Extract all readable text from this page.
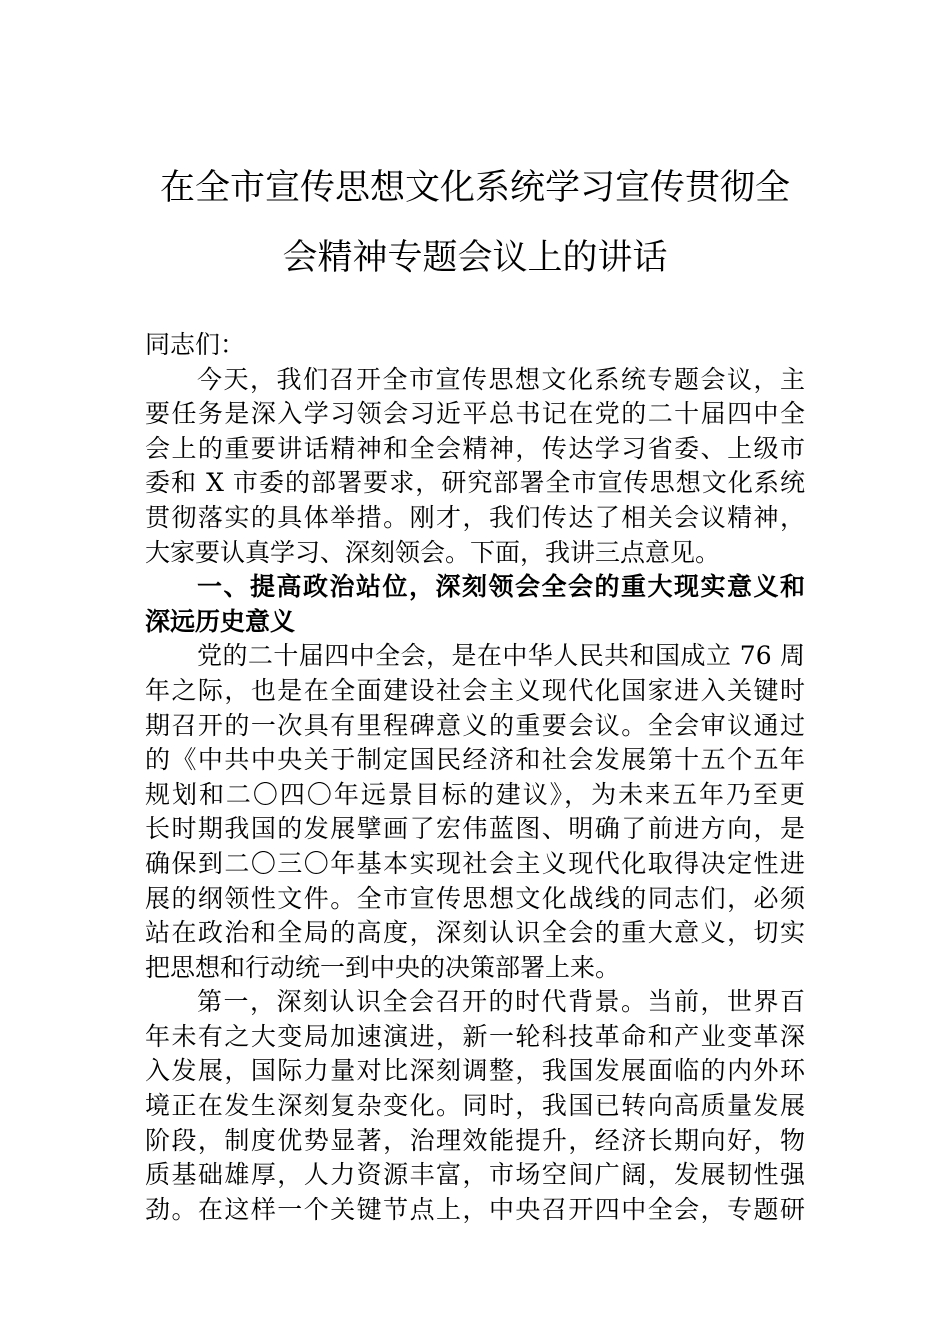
在全市宣传思想文化系统学习宣传贯彻全
会精神专题会议上的讲话
同志们：
今天，我们召开全市宣传思想文化系统专题会议，主
要任务是深入学习领会习近平总书记在党的二十届四中全
会上的重要讲话精神和全会精神，传达学习省委、上级市
委和 X 市委的部署要求，研究部署全市宣传思想文化系统
贯彻落实的具体举措。刚才，我们传达了相关会议精神，
大家要认真学习、深刻领会。下面，我讲三点意见。
一、提高政治站位，深刻领会全会的重大现实意义和
深远历史意义
党的二十届四中全会，是在中华人民共和国成立 76 周
年之际，也是在全面建设社会主义现代化国家进入关键时
期召开的一次具有里程碑意义的重要会议。全会审议通过
的《中共中央关于制定国民经济和社会发展第十五个五年
规划和二〇四〇年远景目标的建议》，为未来五年乃至更
长时期我国的发展擘画了宏伟蓝图、明确了前进方向，是
确保到二〇三〇年基本实现社会主义现代化取得决定性进
展的纲领性文件。全市宣传思想文化战线的同志们，必须
站在政治和全局的高度，深刻认识全会的重大意义，切实
把思想和行动统一到中央的决策部署上来。
第一，深刻认识全会召开的时代背景。当前，世界百
年未有之大变局加速演进，新一轮科技革命和产业变革深
入发展，国际力量对比深刻调整，我国发展面临的内外环
境正在发生深刻复杂变化。同时，我国已转向高质量发展
阶段，制度优势显著，治理效能提升，经济长期向好，物
质基础雄厚，人力资源丰富，市场空间广阔，发展韧性强
劲。在这样一个关键节点上，中央召开四中全会，专题研
